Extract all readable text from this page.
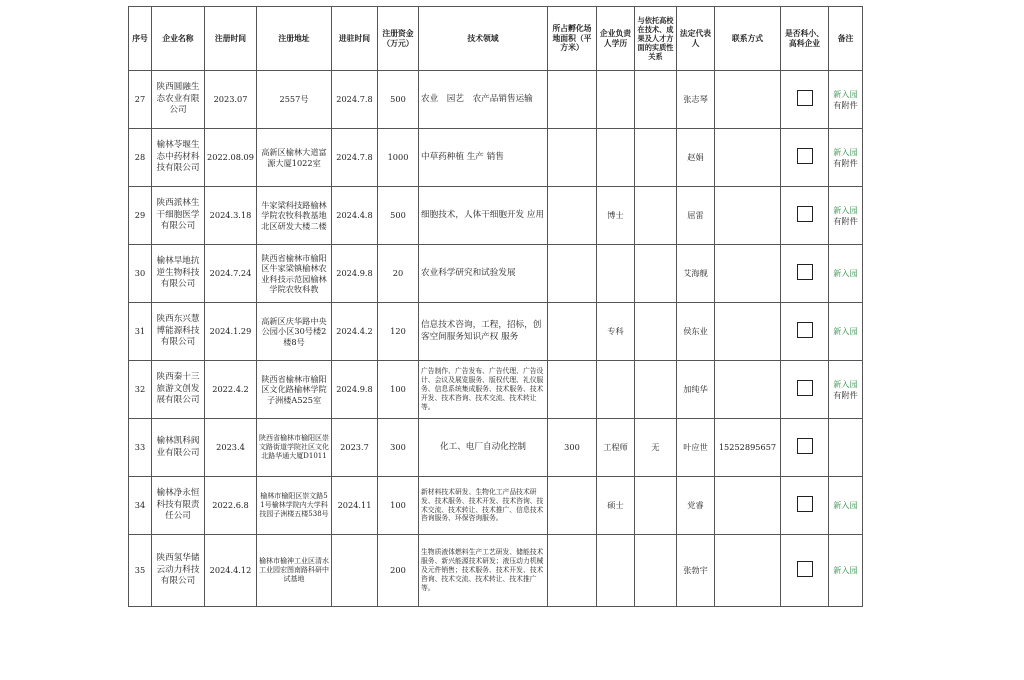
序号	企业名称	注册时间	注册地址	进驻时间	注册资金（万元）	技术领域	所占孵化场地面积（平方米）	企业负责人学历	与依托高校在技术、成果及人才方面的实质性关系	法定代表人	联系方式	是否科小、高科企业	备注
27	陕西圆融生态农业有限公司	2023.07	2557号	2024.7.8	500	农业　园艺　农产品销售运输				张志琴			新入园
有附件

28	榆林苓堰生态中药材科技有限公司	2022.08.09	高新区榆林大道富源大厦1022室	2024.7.8	1000	中草药种植 生产 销售				赵娟			新入园
有附件

29	陕西派林生干细胞医学有限公司	2024.3.18	牛家梁科技路榆林学院农牧科教基地北区研发大楼二楼	2024.4.8	500	细胞技术，人体干细胞开发 应用		博士		屈雷			新入园
有附件

30	榆林旱地抗逆生物科技有限公司	2024.7.24	陕西省榆林市榆阳区牛家梁镇榆林农业科技示范园榆林学院农牧科教	2024.9.8	20	农业科学研究和试验发展				艾海舰			新入园

31	陕西东兴慧博能源科技有限公司	2024.1.29	高新区庆华路中央公园小区30号楼2楼8号	2024.4.2	120	信息技术咨询，工程，招标，创客空间服务知识产权 服务		专科		侯东业			新入园

32	陕西秦十三旅游文创发展有限公司	2022.4.2	陕西省榆林市榆阳区文化路榆林学院子洲楼A525室	2024.9.8	100	广告制作、广告发布、广告代理、广告设计、会议及展览服务、版权代理、礼仪服务、信息系统集成服务、技术服务、技术开发、技术咨询、技术交流、技术转让等。				加纯华			新入园
有附件

33	榆林凯科阀业有限公司	2023.4	陕西省榆林市榆阳区崇文路街道学院社区文化北路华通大厦D1011	2023.7	300	化工、电厂自动化控制	300	工程师	无	叶应世	15252895657		

34	榆林净永恒科技有限责任公司	2022.6.8	榆林市榆阳区崇文路51号榆林学院内大学科技园子洲楼五楼538号	2024.11	100	新材料技术研发、生物化工产品技术研发、技术服务、技术开发、技术咨询、技术交流、技术转让、技术推广、信息技术咨询服务、环保咨询服务。		硕士		党睿			新入园

35	陕西氢华储云动力科技有限公司	2024.4.12	榆林市榆神工业区清水工业园宏图南路科研中试基地		200	生物质液体燃料生产工艺研发、储能技术服务、新兴能源技术研发；液压动力机械及元件销售；技术服务、技术开发、技术咨询、技术交流、技术转让、技术推广等。				张勃宇			新入园
